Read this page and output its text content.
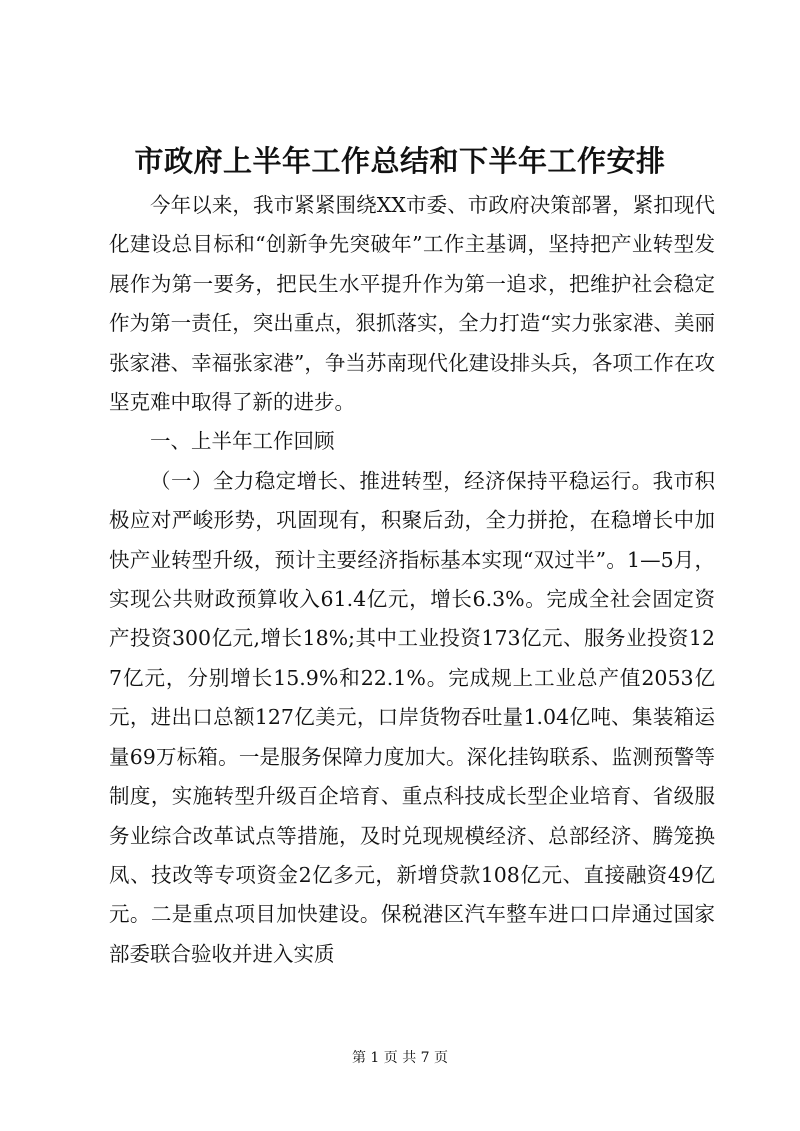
市政府上半年工作总结和下半年工作安排

今年以来，我市紧紧围绕XX市委、市政府决策部署，紧扣现代化建设总目标和“创新争先突破年”工作主基调，坚持把产业转型发展作为第一要务，把民生水平提升作为第一追求，把维护社会稳定作为第一责任，突出重点，狠抓落实，全力打造“实力张家港、美丽张家港、幸福张家港”，争当苏南现代化建设排头兵，各项工作在攻坚克难中取得了新的进步。

一、上半年工作回顾

（一）全力稳定增长、推进转型，经济保持平稳运行。我市积极应对严峻形势，巩固现有，积聚后劲，全力拼抢，在稳增长中加快产业转型升级，预计主要经济指标基本实现“双过半”。1—5月，实现公共财政预算收入61.4亿元，增长6.3%。完成全社会固定资产投资300亿元,增长18%;其中工业投资173亿元、服务业投资127亿元，分别增长15.9%和22.1%。完成规上工业总产值2053亿元，进出口总额127亿美元，口岸货物吞吐量1.04亿吨、集装箱运量69万标箱。一是服务保障力度加大。深化挂钩联系、监测预警等制度，实施转型升级百企培育、重点科技成长型企业培育、省级服务业综合改革试点等措施，及时兑现规模经济、总部经济、腾笼换凤、技改等专项资金2亿多元，新增贷款108亿元、直接融资49亿元。二是重点项目加快建设。保税港区汽车整车进口口岸通过国家部委联合验收并进入实质

第 1 页 共 7 页
